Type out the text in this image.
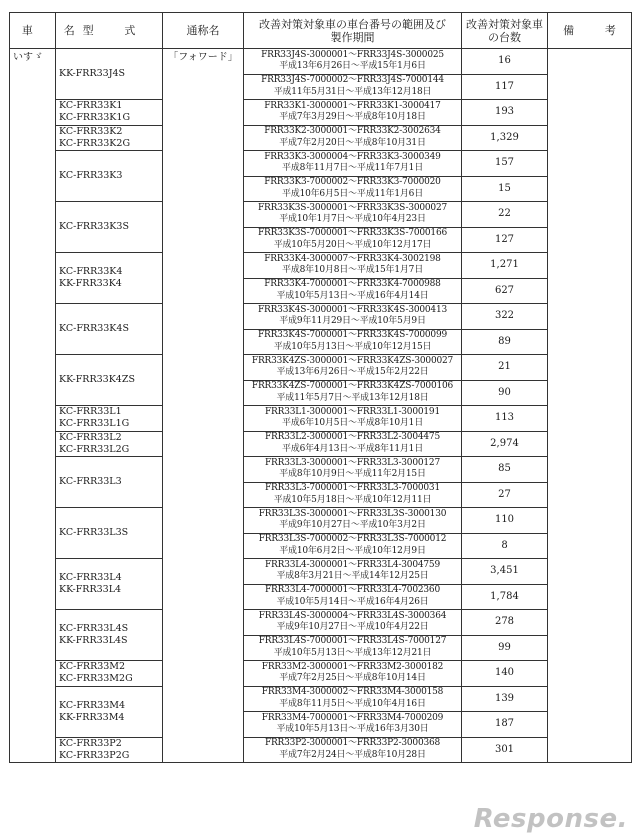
車　名	型　式	通称名	改善対策対象車の車台番号の範囲及び製作期間	改善対策対象車の台数	備　考
いすゞ	KK-FRR33J4S	「フォワード」	FRR33J4S-3000001～FRR33J4S-3000025
平成13年6月26日～平成15年1月6日	16	

			FRR33J4S-7000002～FRR33J4S-7000144
平成11年5月31日～平成13年12月18日	117	

	KC-FRR33K1
KC-FRR33K1G		FRR33K1-3000001～FRR33K1-3000417
平成7年3月29日～平成8年10月18日	193	

	KC-FRR33K2
KC-FRR33K2G		FRR33K2-3000001～FRR33K2-3002634
平成7年2月20日～平成8年10月31日	1,329	

	KC-FRR33K3		FRR33K3-3000004～FRR33K3-3000349
平成8年11月7日～平成11年7月1日	157	

			FRR33K3-7000002～FRR33K3-7000020
平成10年6月5日～平成11年1月6日	15	

	KC-FRR33K3S		FRR33K3S-3000001～FRR33K3S-3000027
平成10年1月7日～平成10年4月23日	22	

			FRR33K3S-7000001～FRR33K3S-7000166
平成10年5月20日～平成10年12月17日	127	

	KC-FRR33K4
KK-FRR33K4		FRR33K4-3000007～FRR33K4-3002198
平成8年10月8日～平成15年1月7日	1,271	

			FRR33K4-7000001～FRR33K4-7000988
平成10年5月13日～平成16年4月14日	627	

	KC-FRR33K4S		FRR33K4S-3000001～FRR33K4S-3000413
平成9年11月29日～平成10年5月9日	322	

			FRR33K4S-7000001～FRR33K4S-7000099
平成10年5月13日～平成10年12月15日	89	

	KK-FRR33K4ZS		FRR33K4ZS-3000001～FRR33K4ZS-3000027
平成13年6月26日～平成15年2月22日	21	

			FRR33K4ZS-7000001～FRR33K4ZS-7000106
平成11年5月7日～平成13年12月18日	90	

	KC-FRR33L1
KC-FRR33L1G		FRR33L1-3000001～FRR33L1-3000191
平成6年10月5日～平成8年10月1日	113	

	KC-FRR33L2
KC-FRR33L2G		FRR33L2-3000001～FRR33L2-3004475
平成6年4月13日～平成8年11月1日	2,974	

	KC-FRR33L3		FRR33L3-3000001～FRR33L3-3000127
平成8年10月9日～平成11年2月15日	85	

			FRR33L3-7000001～FRR33L3-7000031
平成10年5月18日～平成10年12月11日	27	

	KC-FRR33L3S		FRR33L3S-3000001～FRR33L3S-3000130
平成9年10月27日～平成10年3月2日	110	

			FRR33L3S-7000002～FRR33L3S-7000012
平成10年6月2日～平成10年12月9日	8	

	KC-FRR33L4
KK-FRR33L4		FRR33L4-3000001～FRR33L4-3004759
平成8年3月21日～平成14年12月25日	3,451	

			FRR33L4-7000001～FRR33L4-7002360
平成10年5月14日～平成16年4月26日	1,784	

	KC-FRR33L4S
KK-FRR33L4S		FRR33L4S-3000004～FRR33L4S-3000364
平成9年10月27日～平成10年4月22日	278	

			FRR33L4S-7000001～FRR33L4S-7000127
平成10年5月13日～平成13年12月21日	99	

	KC-FRR33M2
KC-FRR33M2G		FRR33M2-3000001～FRR33M2-3000182
平成7年2月25日～平成8年10月14日	140	

	KC-FRR33M4
KK-FRR33M4		FRR33M4-3000002～FRR33M4-3000158
平成8年11月5日～平成10年4月16日	139	

			FRR33M4-7000001～FRR33M4-7000209
平成10年5月13日～平成16年3月30日	187	

	KC-FRR33P2
KC-FRR33P2G		FRR33P2-3000001～FRR33P2-3000368
平成7年2月24日～平成8年10月28日	301	
Response.
